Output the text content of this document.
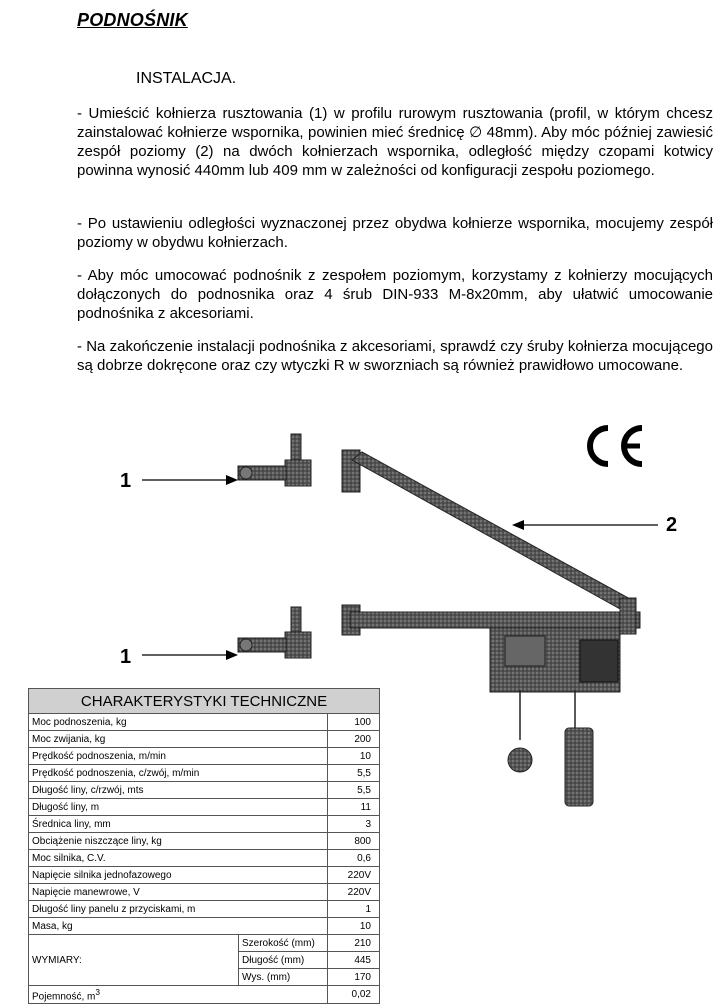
PODNOŚNIK
INSTALACJA.
- Umieścić kołnierza rusztowania (1) w profilu rurowym rusztowania (profil, w którym chcesz zainstalować kołnierze wspornika, powinien mieć średnicę ∅ 48mm). Aby móc później zawiesić zespół poziomy (2) na dwóch kołnierzach wspornika, odległość między czopami kotwicy powinna wynosić 440mm lub 409 mm w zależności od konfiguracji zespołu poziomego.
- Po ustawieniu odległości wyznaczonej przez obydwa kołnierze wspornika, mocujemy zespół poziomy w obydwu kołnierzach.
- Aby móc umocować podnośnik z zespołem poziomym, korzystamy z kołnierzy mocujących dołączonych do podnosnika oraz 4 śrub DIN-933 M-8x20mm, aby ułatwić umocowanie podnośnika z akcesoriami.
- Na zakończenie instalacji podnośnika z akcesoriami, sprawdź czy śruby kołnierza mocującego są dobrze dokręcone oraz czy wtyczki R w sworzniach są również prawidłowo umocowane.
1
1
2
CHARAKTERYSTYKI TECHNICZNE		
Moc podnoszenia, kg		100
Moc zwijania, kg		200
Prędkość podnoszenia, m/min		10
Prędkość podnoszenia, c/zwój, m/min		5,5
Długość liny, c/rzwój, mts		5,5
Długość liny, m		11
Średnica liny, mm		3
Obciążenie niszczące liny, kg		800
Moc silnika, C.V.		0,6
Napięcie silnika jednofazowego		220V
Napięcie manewrowe, V		220V
Długość liny panelu z przyciskami, m		1
Masa, kg		10
WYMIARY:	Szerokość (mm)	210
	Długość (mm)	445
	Wys. (mm)	170
Pojemność, $m^3$		0,02
